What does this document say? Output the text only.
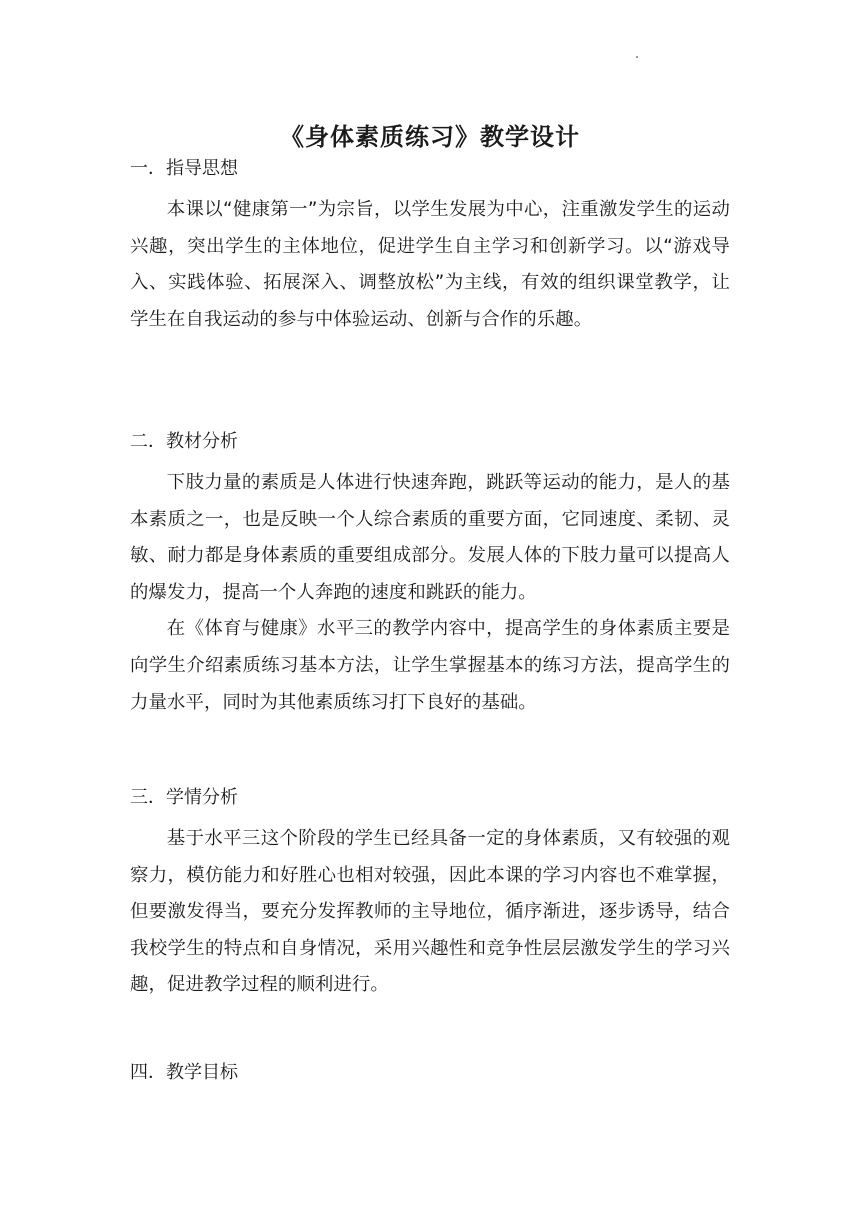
《身体素质练习》教学设计

一．指导思想

本课以“健康第一”为宗旨，以学生发展为中心，注重激发学生的运动兴趣，突出学生的主体地位，促进学生自主学习和创新学习。以“游戏导入、实践体验、拓展深入、调整放松”为主线，有效的组织课堂教学，让学生在自我运动的参与中体验运动、创新与合作的乐趣。

二．教材分析

下肢力量的素质是人体进行快速奔跑，跳跃等运动的能力，是人的基本素质之一，也是反映一个人综合素质的重要方面，它同速度、柔韧、灵敏、耐力都是身体素质的重要组成部分。发展人体的下肢力量可以提高人的爆发力，提高一个人奔跑的速度和跳跃的能力。

在《体育与健康》水平三的教学内容中，提高学生的身体素质主要是向学生介绍素质练习基本方法，让学生掌握基本的练习方法，提高学生的力量水平，同时为其他素质练习打下良好的基础。

三．学情分析

基于水平三这个阶段的学生已经具备一定的身体素质，又有较强的观察力，模仿能力和好胜心也相对较强，因此本课的学习内容也不难掌握，但要激发得当，要充分发挥教师的主导地位，循序渐进，逐步诱导，结合我校学生的特点和自身情况，采用兴趣性和竞争性层层激发学生的学习兴趣，促进教学过程的顺利进行。

四．教学目标
